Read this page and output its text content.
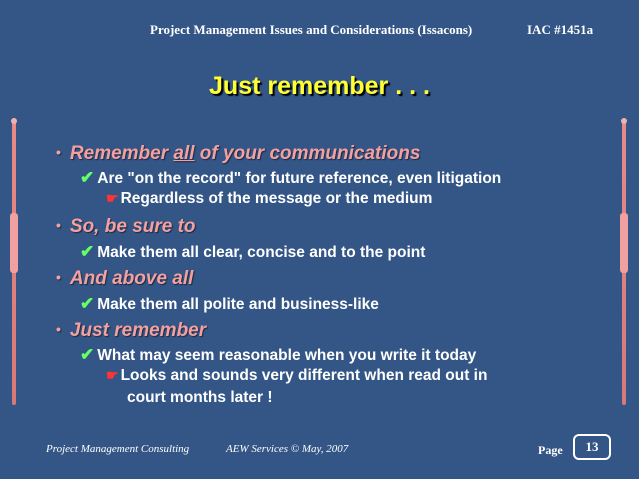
Project Management Issues and Considerations (Issacons)	IAC #1451a
Just remember . . .
• Remember all of your communications
✔ Are "on the record" for future reference, even litigation
☛ Regardless of the message or the medium
• So, be sure to
✔ Make them all clear, concise and to the point
• And above all
✔ Make them all polite and business-like
• Just remember
✔ What may seem reasonable when you write it today
☛ Looks and sounds very different when read out in
court months later !
Project Management Consulting	AEW Services © May, 2007	Page	13
